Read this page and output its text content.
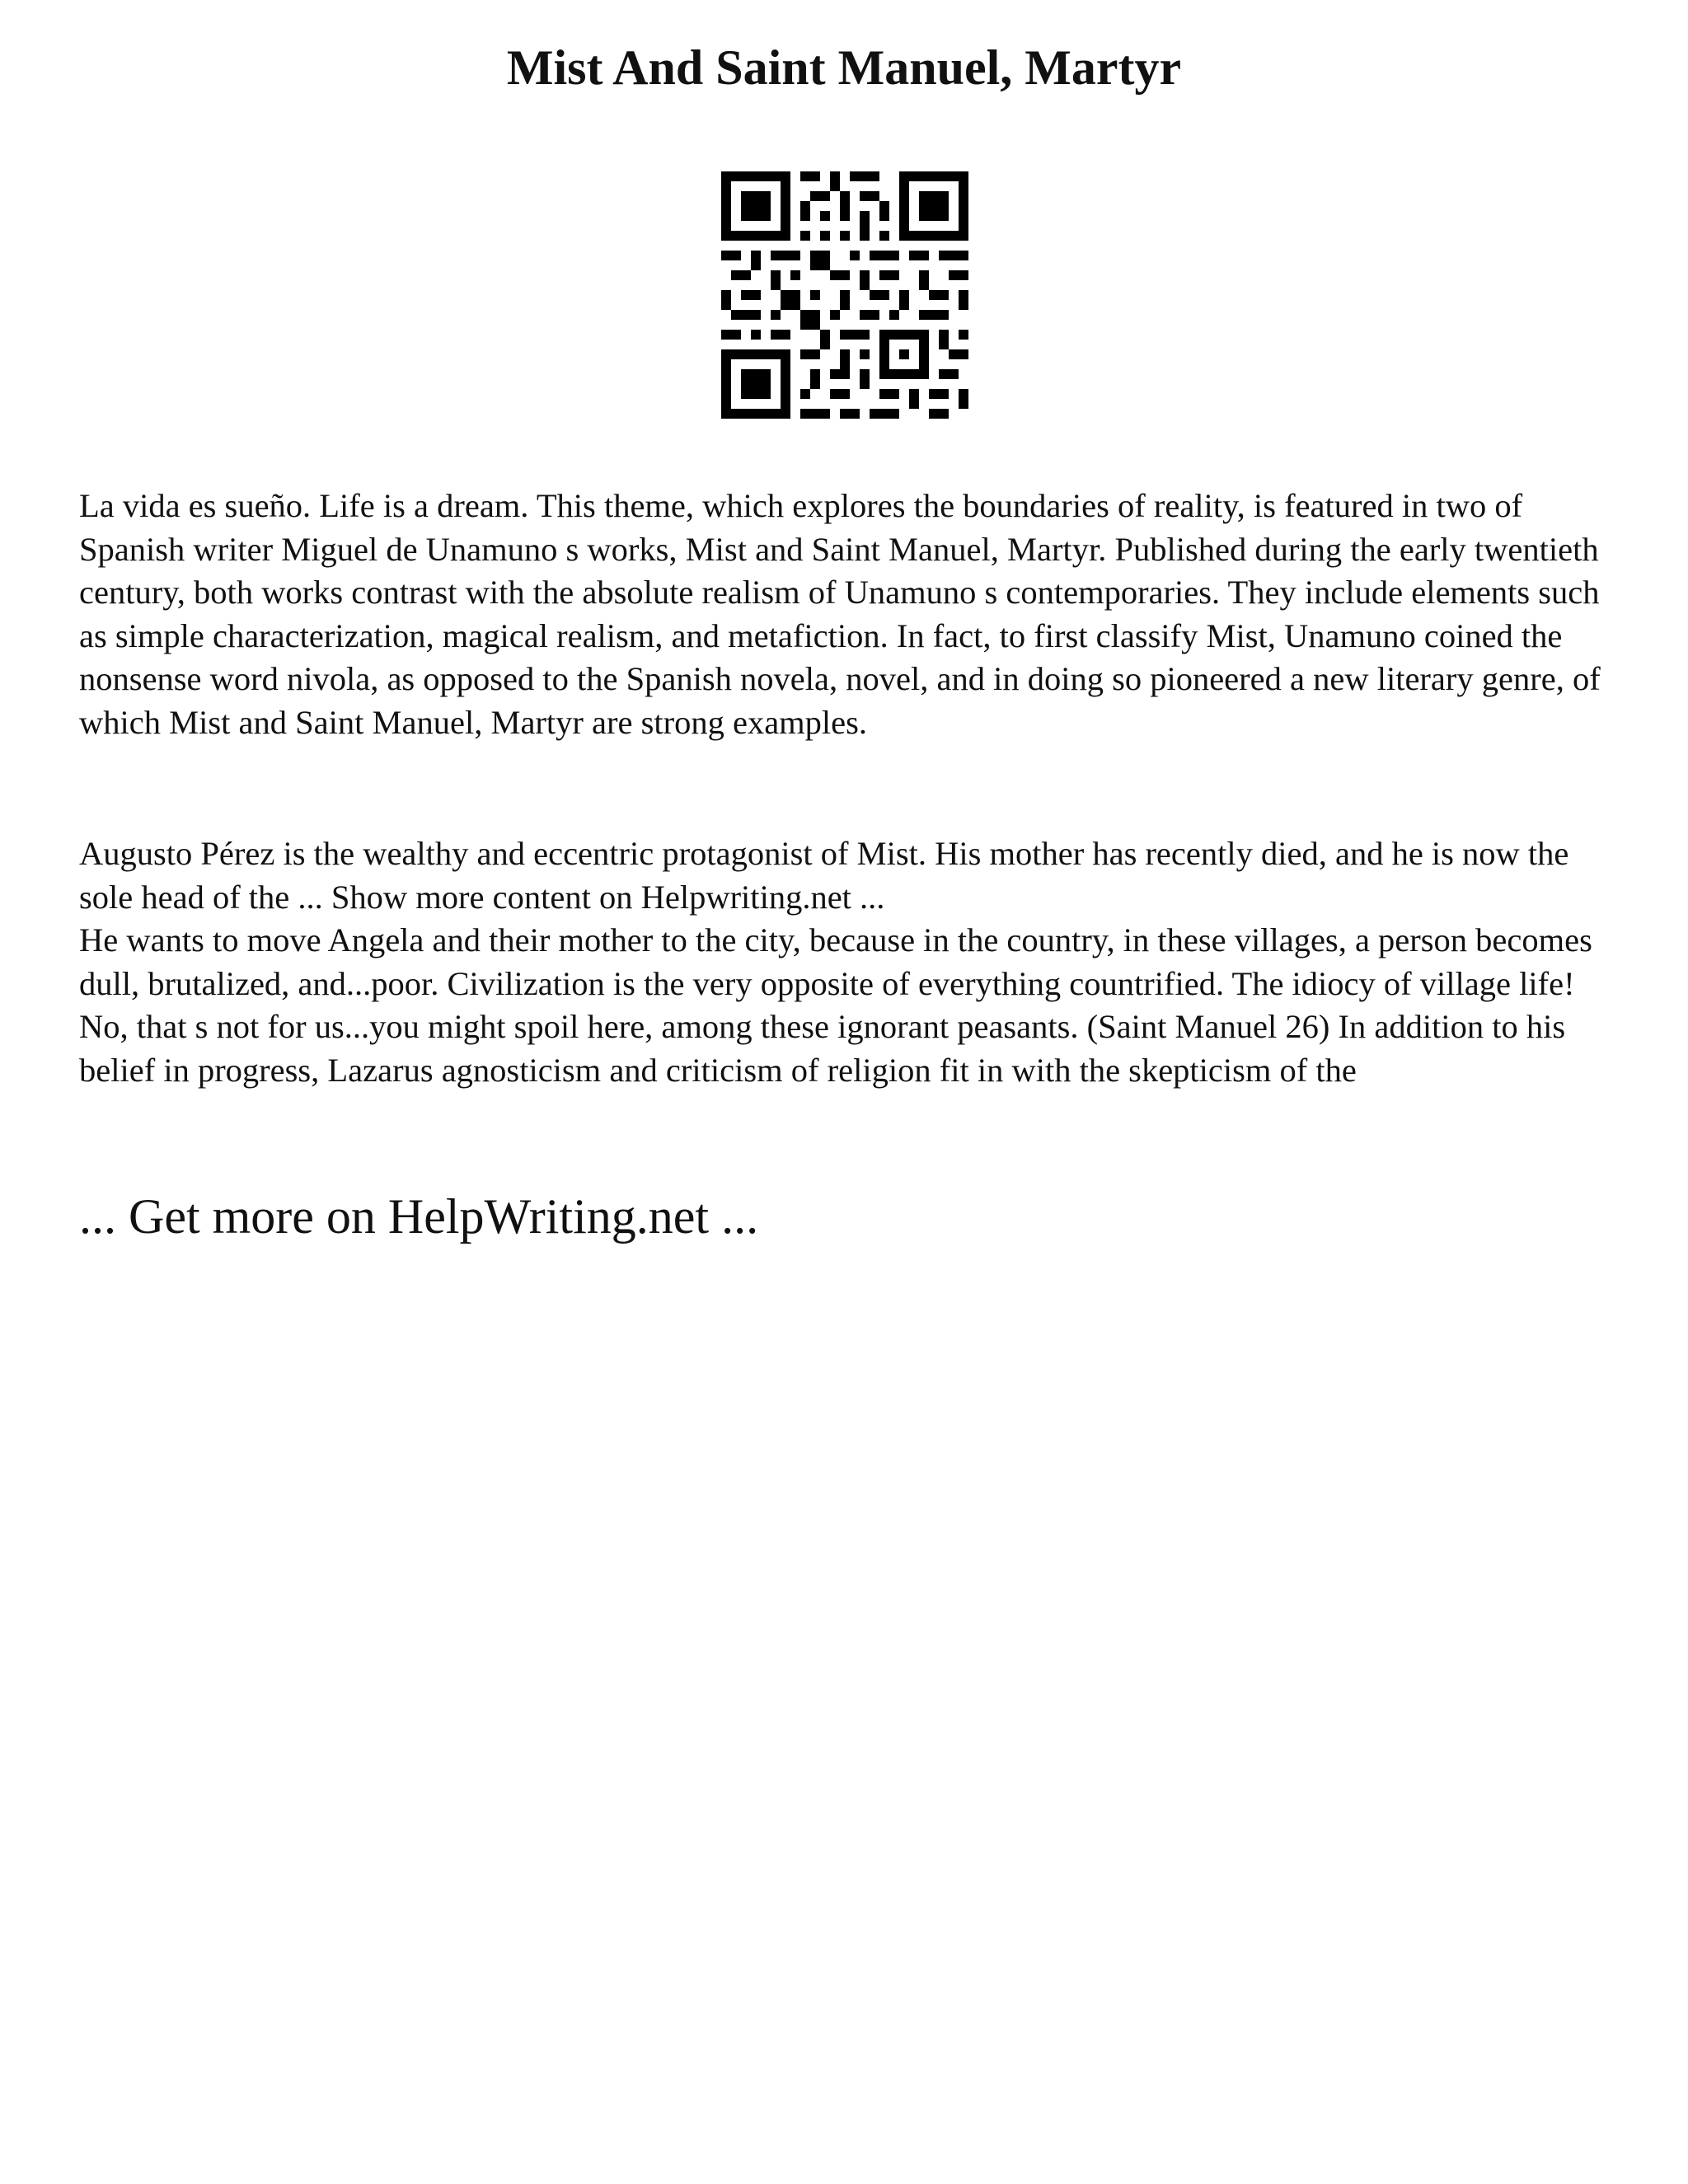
Mist And Saint Manuel, Martyr

La vida es sueño. Life is a dream. This theme, which explores the boundaries of reality, is featured in two of Spanish writer Miguel de Unamuno s works, Mist and Saint Manuel, Martyr. Published during the early twentieth century, both works contrast with the absolute realism of Unamuno s contemporaries. They include elements such as simple characterization, magical realism, and metafiction. In fact, to first classify Mist, Unamuno coined the nonsense word nivola, as opposed to the Spanish novela, novel, and in doing so pioneered a new literary genre, of which Mist and Saint Manuel, Martyr are strong examples.

Augusto Pérez is the wealthy and eccentric protagonist of Mist. His mother has recently died, and he is now the sole head of the ... Show more content on Helpwriting.net ...
He wants to move Angela and their mother to the city, because in the country, in these villages, a person becomes dull, brutalized, and...poor. Civilization is the very opposite of everything countrified. The idiocy of village life! No, that s not for us...you might spoil here, among these ignorant peasants. (Saint Manuel 26) In addition to his belief in progress, Lazarus agnosticism and criticism of religion fit in with the skepticism of the

... Get more on HelpWriting.net ...
